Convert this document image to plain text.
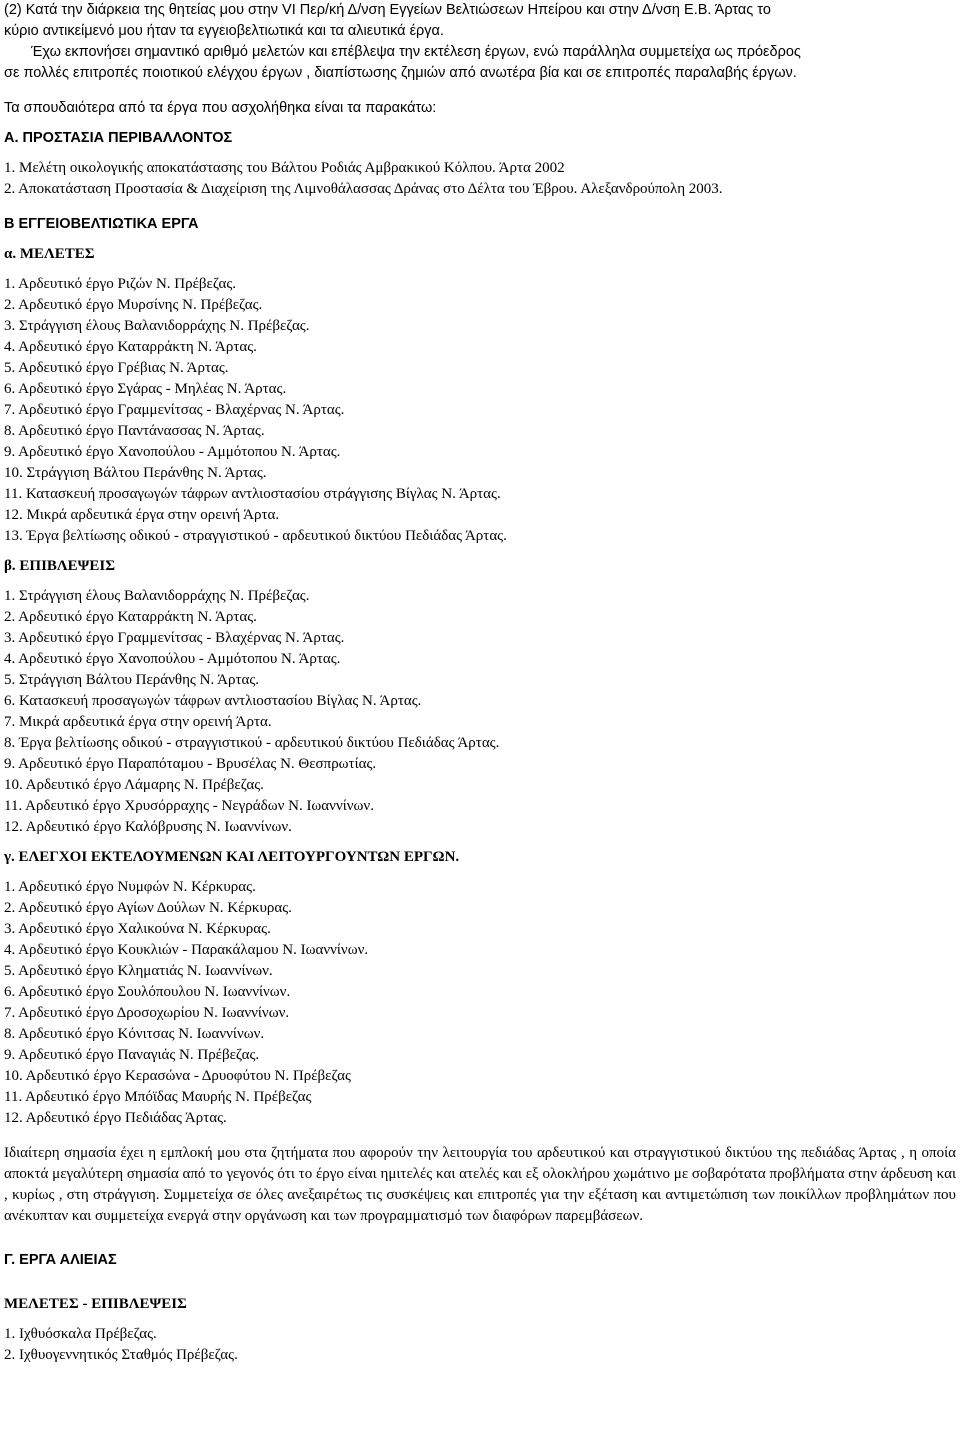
(2) Κατά την διάρκεια της θητείας μου στην VI Περ/κή Δ/νση Εγγείων Βελτιώσεων Ηπείρου και στην Δ/νση Ε.Β. Άρτας το
κύριο αντικείμενό μου ήταν τα εγγειοβελτιωτικά και τα αλιευτικά έργα.
Έχω εκπονήσει σημαντικό αριθμό μελετών και επέβλεψα την εκτέλεση έργων, ενώ παράλληλα συμμετείχα ως πρόεδρος
σε πολλές επιτροπές ποιοτικού ελέγχου έργων , διαπίστωσης ζημιών από ανωτέρα βία και σε επιτροπές παραλαβής έργων.
Τα σπουδαιότερα από τα έργα που ασχολήθηκα είναι τα παρακάτω:
Α. ΠΡΟΣΤΑΣΙΑ ΠΕΡΙΒΑΛΛΟΝΤΟΣ
1. Μελέτη οικολογικής αποκατάστασης του Βάλτου Ροδιάς Αμβρακικού Κόλπου. Άρτα 2002
2. Αποκατάσταση Προστασία & Διαχείριση της Λιμνοθάλασσας Δράνας στο Δέλτα του Έβρου. Αλεξανδρούπολη 2003.
Β ΕΓΓΕΙΟΒΕΛΤΙΩΤΙΚΑ ΕΡΓΑ
α. ΜΕΛΕΤΕΣ
1. Αρδευτικό έργο Ριζών Ν. Πρέβεζας.
2. Αρδευτικό έργο Μυρσίνης Ν. Πρέβεζας.
3. Στράγγιση έλους Βαλανιδορράχης Ν. Πρέβεζας.
4. Αρδευτικό έργο Καταρράκτη Ν. Άρτας.
5. Αρδευτικό έργο Γρέβιας Ν. Άρτας.
6. Αρδευτικό έργο Σγάρας - Μηλέας Ν. Άρτας.
7. Αρδευτικό έργο Γραμμενίτσας - Βλαχέρνας Ν. Άρτας.
8. Αρδευτικό έργο Παντάνασσας Ν. Άρτας.
9. Αρδευτικό έργο Χανοπούλου - Αμμότοπου Ν. Άρτας.
10. Στράγγιση Βάλτου Περάνθης Ν. Άρτας.
11. Κατασκευή προσαγωγών τάφρων αντλιοστασίου στράγγισης Βίγλας Ν. Άρτας.
12. Μικρά αρδευτικά έργα στην ορεινή Άρτα.
13. Έργα βελτίωσης οδικού - στραγγιστικού - αρδευτικού δικτύου Πεδιάδας Άρτας.
β. ΕΠΙΒΛΕΨΕΙΣ
1. Στράγγιση έλους Βαλανιδορράχης Ν. Πρέβεζας.
2. Αρδευτικό έργο Καταρράκτη Ν. Άρτας.
3. Αρδευτικό έργο Γραμμενίτσας - Βλαχέρνας Ν. Άρτας.
4. Αρδευτικό έργο Χανοπούλου - Αμμότοπου Ν. Άρτας.
5. Στράγγιση Βάλτου Περάνθης Ν. Άρτας.
6. Κατασκευή προσαγωγών τάφρων αντλιοστασίου Βίγλας Ν. Άρτας.
7. Μικρά αρδευτικά έργα στην ορεινή Άρτα.
8. Έργα βελτίωσης οδικού - στραγγιστικού - αρδευτικού δικτύου Πεδιάδας Άρτας.
9. Αρδευτικό έργο Παραπόταμου - Βρυσέλας Ν. Θεσπρωτίας.
10. Αρδευτικό έργο Λάμαρης Ν. Πρέβεζας.
11. Αρδευτικό έργο Χρυσόρραχης - Νεγράδων Ν. Ιωαννίνων.
12. Αρδευτικό έργο Καλόβρυσης Ν. Ιωαννίνων.
γ. ΕΛΕΓΧΟΙ ΕΚΤΕΛΟΥΜΕΝΩΝ ΚΑΙ ΛΕΙΤΟΥΡΓΟΥΝΤΩΝ ΕΡΓΩΝ.
1. Αρδευτικό έργο Νυμφών Ν. Κέρκυρας.
2. Αρδευτικό έργο Αγίων Δούλων Ν. Κέρκυρας.
3. Αρδευτικό έργο Χαλικούνα Ν. Κέρκυρας.
4. Αρδευτικό έργο Κουκλιών - Παρακάλαμου Ν. Ιωαννίνων.
5. Αρδευτικό έργο Κληματιάς Ν. Ιωαννίνων.
6. Αρδευτικό έργο Σουλόπουλου Ν. Ιωαννίνων.
7. Αρδευτικό έργο Δροσοχωρίου Ν. Ιωαννίνων.
8. Αρδευτικό έργο Κόνιτσας Ν. Ιωαννίνων.
9. Αρδευτικό έργο Παναγιάς Ν. Πρέβεζας.
10. Αρδευτικό έργο Κερασώνα - Δρυοφύτου Ν. Πρέβεζας
11. Αρδευτικό έργο Μπόϊδας Μαυρής Ν. Πρέβεζας
12. Αρδευτικό έργο Πεδιάδας Άρτας.

Ιδιαίτερη σημασία έχει η εμπλοκή μου στα ζητήματα που αφορούν την λειτουργία του αρδευτικού και στραγγιστικού δικτύου της πεδιάδας Άρτας , η οποία αποκτά μεγαλύτερη σημασία από το γεγονός ότι το έργο είναι ημιτελές και ατελές και εξ ολοκλήρου χωμάτινο με σοβαρότατα προβλήματα στην άρδευση και , κυρίως , στη στράγγιση. Συμμετείχα σε όλες ανεξαιρέτως τις συσκέψεις και επιτροπές για την εξέταση και αντιμετώπιση των ποικίλλων προβλημάτων που ανέκυπταν και συμμετείχα ενεργά στην οργάνωση και των προγραμματισμό των διαφόρων παρεμβάσεων.

Γ. ΕΡΓΑ ΑΛΙΕΙΑΣ
ΜΕΛΕΤΕΣ - ΕΠΙΒΛΕΨΕΙΣ
1. Ιχθυόσκαλα Πρέβεζας.
2. Ιχθυογεννητικός Σταθμός Πρέβεζας.
